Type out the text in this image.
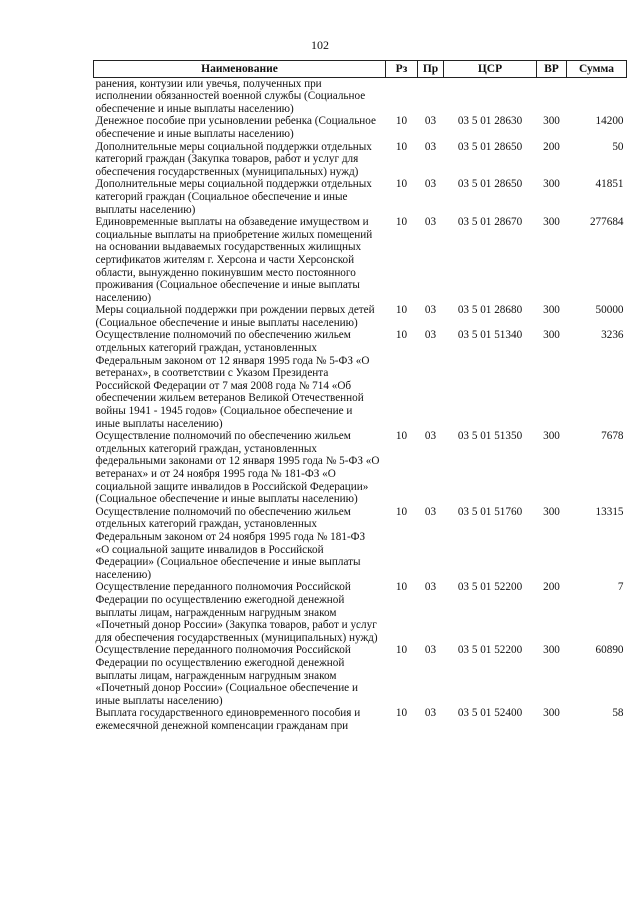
102
Наименование	Рз	Пр	ЦСР	ВР	Сумма
ранения, контузии или увечья, полученных при исполнении обязанностей военной службы (Социальное обеспечение и иные выплаты населению)					
Денежное пособие при усыновлении ребенка (Социальное обеспечение и иные выплаты населению)	10	03	03 5 01 28630	300	14200
Дополнительные меры социальной поддержки отдельных категорий граждан (Закупка товаров, работ и услуг для обеспечения государственных (муниципальных) нужд)	10	03	03 5 01 28650	200	50
Дополнительные меры социальной поддержки отдельных категорий граждан (Социальное обеспечение и иные выплаты населению)	10	03	03 5 01 28650	300	41851
Единовременные выплаты на обзаведение имуществом и социальные выплаты на приобретение жилых помещений на основании выдаваемых государственных жилищных сертификатов жителям г. Херсона и части Херсонской области, вынужденно покинувшим место постоянного проживания (Социальное обеспечение и иные выплаты населению)	10	03	03 5 01 28670	300	277684
Меры социальной поддержки при рождении первых детей (Социальное обеспечение и иные выплаты населению)	10	03	03 5 01 28680	300	50000
Осуществление полномочий по обеспечению жильем отдельных категорий граждан, установленных Федеральным законом от 12 января 1995 года № 5-ФЗ «О ветеранах», в соответствии с Указом Президента Российской Федерации от 7 мая 2008 года № 714 «Об обеспечении жильем ветеранов Великой Отечественной войны 1941 - 1945 годов» (Социальное обеспечение и иные выплаты населению)	10	03	03 5 01 51340	300	3236
Осуществление полномочий по обеспечению жильем отдельных категорий граждан, установленных федеральными законами от 12 января 1995 года № 5-ФЗ «О ветеранах» и от 24 ноября 1995 года № 181-ФЗ «О социальной защите инвалидов в Российской Федерации» (Социальное обеспечение и иные выплаты населению)	10	03	03 5 01 51350	300	7678
Осуществление полномочий по обеспечению жильем отдельных категорий граждан, установленных Федеральным законом от 24 ноября 1995 года № 181-ФЗ «О социальной защите инвалидов в Российской Федерации» (Социальное обеспечение и иные выплаты населению)	10	03	03 5 01 51760	300	13315
Осуществление переданного полномочия Российской Федерации по осуществлению ежегодной денежной выплаты лицам, награжденным нагрудным знаком «Почетный донор России» (Закупка товаров, работ и услуг для обеспечения государственных (муниципальных) нужд)	10	03	03 5 01 52200	200	7
Осуществление переданного полномочия Российской Федерации по осуществлению ежегодной денежной выплаты лицам, награжденным нагрудным знаком «Почетный донор России» (Социальное обеспечение и иные выплаты населению)	10	03	03 5 01 52200	300	60890
Выплата государственного единовременного пособия и ежемесячной денежной компенсации гражданам при	10	03	03 5 01 52400	300	58
